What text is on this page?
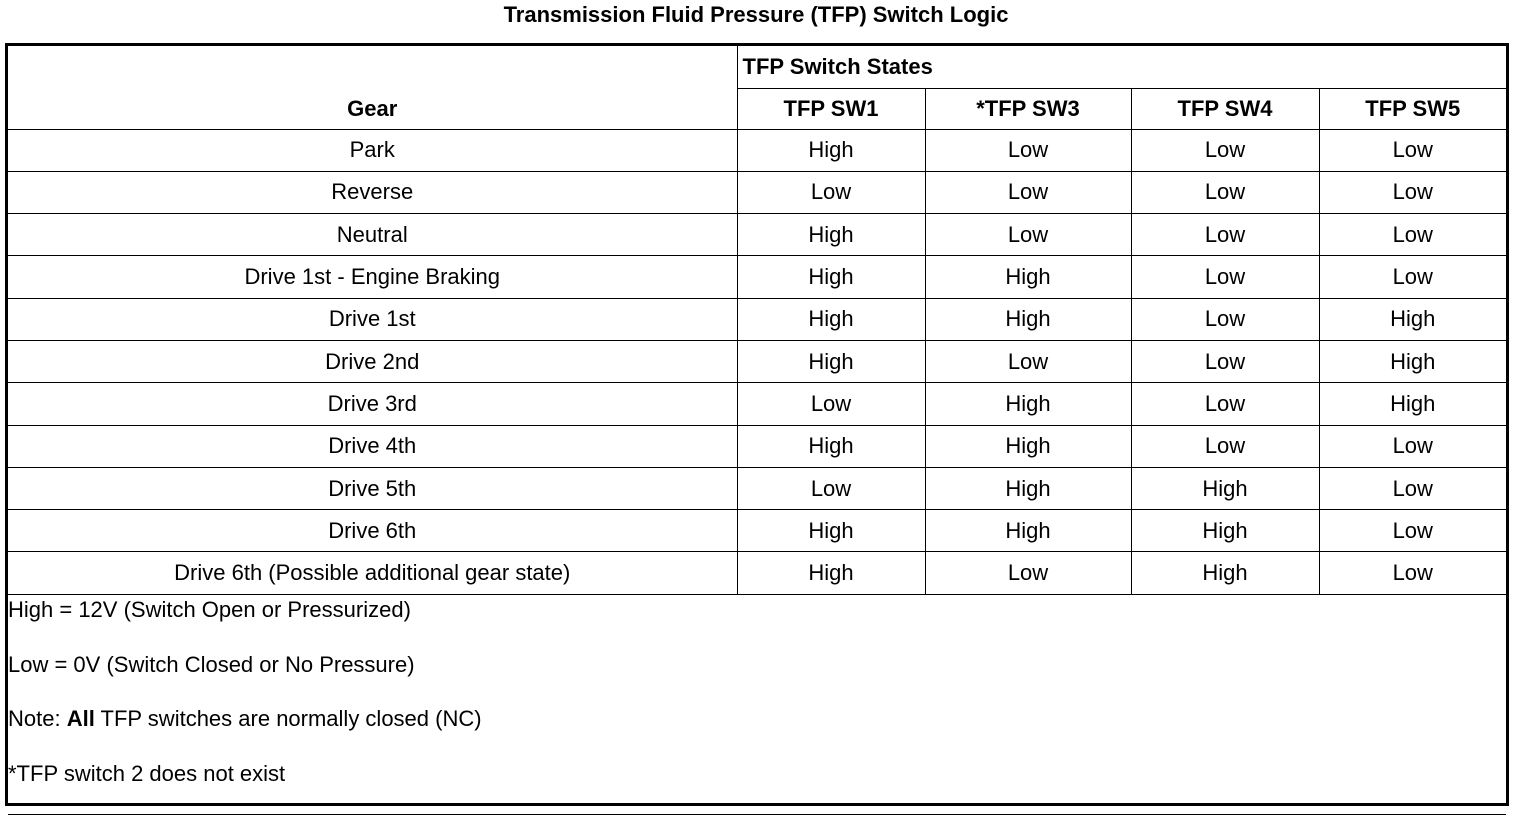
Transmission Fluid Pressure (TFP) Switch Logic
Gear	TFP Switch States			
	TFP SW1	*TFP SW3	TFP SW4	TFP SW5
Park	High	Low	Low	Low
Reverse	Low	Low	Low	Low
Neutral	High	Low	Low	Low
Drive 1st - Engine Braking	High	High	Low	Low
Drive 1st	High	High	Low	High
Drive 2nd	High	Low	Low	High
Drive 3rd	Low	High	Low	High
Drive 4th	High	High	Low	Low
Drive 5th	Low	High	High	Low
Drive 6th	High	High	High	Low
Drive 6th (Possible additional gear state)	High	Low	High	Low

High = 12V (Switch Open or Pressurized)
Low = 0V (Switch Closed or No Pressure)
Note: All TFP switches are normally closed (NC)
*TFP switch 2 does not exist				
